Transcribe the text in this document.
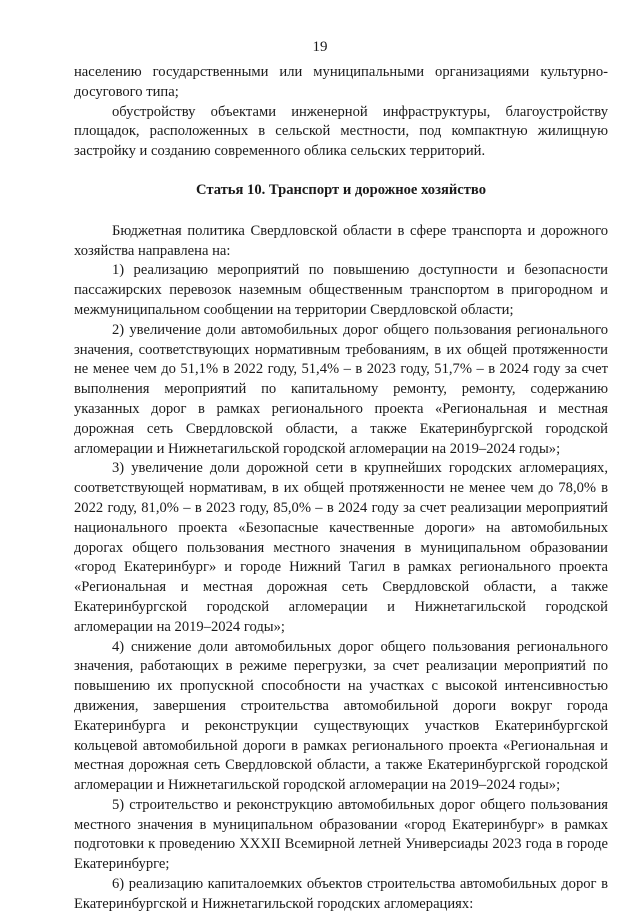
19

населению государственными или муниципальными организациями культурно-досугового типа;

обустройству объектами инженерной инфраструктуры, благоустройству площадок, расположенных в сельской местности, под компактную жилищную застройку и созданию современного облика сельских территорий.

Статья 10. Транспорт и дорожное хозяйство

Бюджетная политика Свердловской области в сфере транспорта и дорожного хозяйства направлена на:

1) реализацию мероприятий по повышению доступности и безопасности пассажирских перевозок наземным общественным транспортом в пригородном и межмуниципальном сообщении на территории Свердловской области;

2) увеличение доли автомобильных дорог общего пользования регионального значения, соответствующих нормативным требованиям, в их общей протяженности не менее чем до 51,1% в 2022 году, 51,4% – в 2023 году, 51,7% – в 2024 году за счет выполнения мероприятий по капитальному ремонту, ремонту, содержанию указанных дорог в рамках регионального проекта «Региональная и местная дорожная сеть Свердловской области, а также Екатеринбургской городской агломерации и Нижнетагильской городской агломерации на 2019–2024 годы»;

3) увеличение доли дорожной сети в крупнейших городских агломерациях, соответствующей нормативам, в их общей протяженности не менее чем до 78,0% в 2022 году, 81,0% – в 2023 году, 85,0% – в 2024 году за счет реализации мероприятий национального проекта «Безопасные качественные дороги» на автомобильных дорогах общего пользования местного значения в муниципальном образовании «город Екатеринбург» и городе Нижний Тагил в рамках регионального проекта «Региональная и местная дорожная сеть Свердловской области, а также Екатеринбургской городской агломерации и Нижнетагильской городской агломерации на 2019–2024 годы»;

4) снижение доли автомобильных дорог общего пользования регионального значения, работающих в режиме перегрузки, за счет реализации мероприятий по повышению их пропускной способности на участках с высокой интенсивностью движения, завершения строительства автомобильной дороги вокруг города Екатеринбурга и реконструкции существующих участков Екатеринбургской кольцевой автомобильной дороги в рамках регионального проекта «Региональная и местная дорожная сеть Свердловской области, а также Екатеринбургской городской агломерации и Нижнетагильской городской агломерации на 2019–2024 годы»;

5) строительство и реконструкцию автомобильных дорог общего пользования местного значения в муниципальном образовании «город Екатеринбург» в рамках подготовки к проведению XXXII Всемирной летней Универсиады 2023 года в городе Екатеринбурге;

6) реализацию капиталоемких объектов строительства автомобильных дорог в Екатеринбургской и Нижнетагильской городских агломерациях:
